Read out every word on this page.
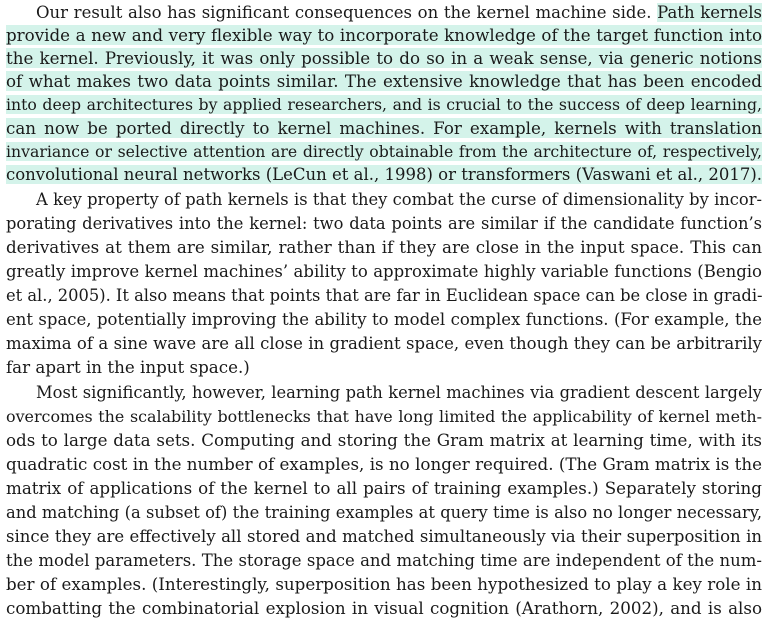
Our result also has significant consequences on the kernel machine side. Path kernels
provide a new and very flexible way to incorporate knowledge of the target function into
the kernel. Previously, it was only possible to do so in a weak sense, via generic notions
of what makes two data points similar. The extensive knowledge that has been encoded
into deep architectures by applied researchers, and is crucial to the success of deep learning,
can now be ported directly to kernel machines. For example, kernels with translation
invariance or selective attention are directly obtainable from the architecture of, respectively,
convolutional neural networks (LeCun et al., 1998) or transformers (Vaswani et al., 2017).
A key property of path kernels is that they combat the curse of dimensionality by incor-
porating derivatives into the kernel: two data points are similar if the candidate function’s
derivatives at them are similar, rather than if they are close in the input space. This can
greatly improve kernel machines’ ability to approximate highly variable functions (Bengio
et al., 2005). It also means that points that are far in Euclidean space can be close in gradi-
ent space, potentially improving the ability to model complex functions. (For example, the
maxima of a sine wave are all close in gradient space, even though they can be arbitrarily
far apart in the input space.)
Most significantly, however, learning path kernel machines via gradient descent largely
overcomes the scalability bottlenecks that have long limited the applicability of kernel meth-
ods to large data sets. Computing and storing the Gram matrix at learning time, with its
quadratic cost in the number of examples, is no longer required. (The Gram matrix is the
matrix of applications of the kernel to all pairs of training examples.) Separately storing
and matching (a subset of) the training examples at query time is also no longer necessary,
since they are effectively all stored and matched simultaneously via their superposition in
the model parameters. The storage space and matching time are independent of the num-
ber of examples. (Interestingly, superposition has been hypothesized to play a key role in
combatting the combinatorial explosion in visual cognition (Arathorn, 2002), and is also
